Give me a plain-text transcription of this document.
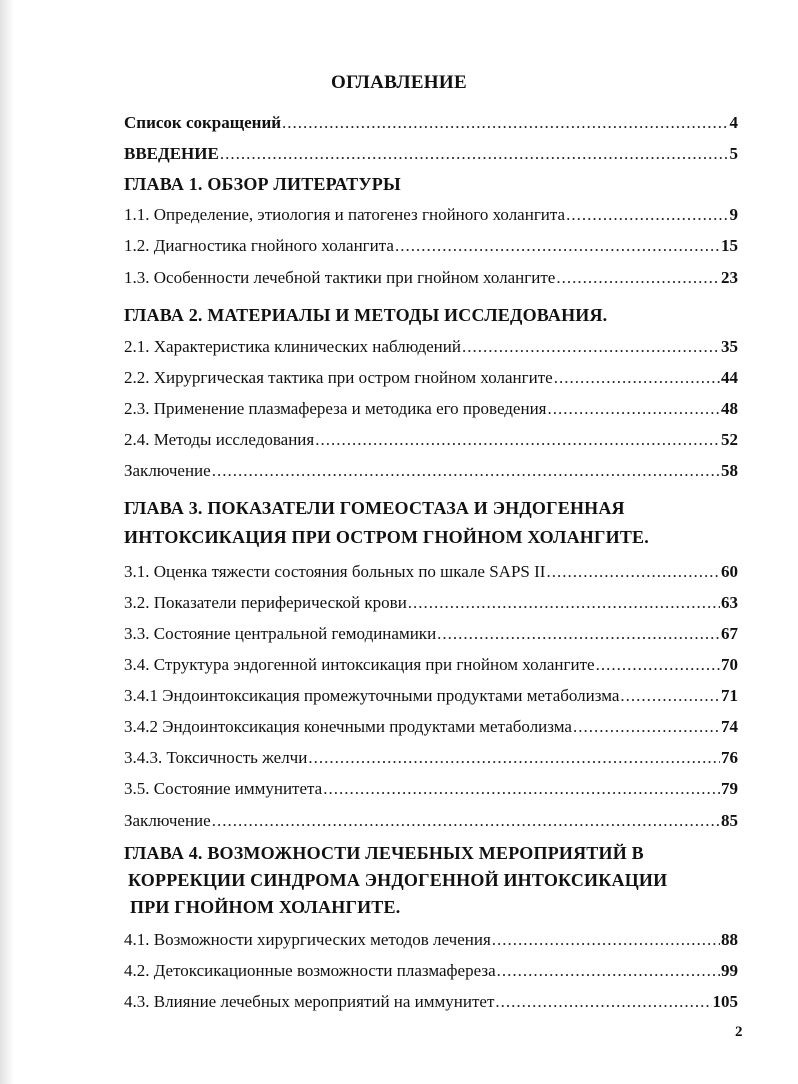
ОГЛАВЛЕНИЕ
Список сокращений .....	4
ВВЕДЕНИЕ .....	5
ГЛАВА 1. ОБЗОР ЛИТЕРАТУРЫ
1.1. Определение, этиология и патогенез гнойного холангита .....	9
1.2. Диагностика гнойного холангита .....	15
1.3. Особенности лечебной тактики при гнойном холангите .....	23
ГЛАВА 2. МАТЕРИАЛЫ И МЕТОДЫ ИССЛЕДОВАНИЯ.
2.1. Характеристика клинических наблюдений .....	35
2.2. Хирургическая тактика при остром гнойном холангите .....	44
2.3. Применение плазмафереза и методика его проведения .....	48
2.4. Методы исследования .....	52
Заключение .....	58
ГЛАВА 3. ПОКАЗАТЕЛИ ГОМЕОСТАЗА И ЭНДОГЕННАЯ
ИНТОКСИКАЦИЯ ПРИ ОСТРОМ ГНОЙНОМ ХОЛАНГИТЕ.
3.1. Оценка тяжести состояния больных по шкале SAPS II .....	60
3.2. Показатели периферической крови .....	63
3.3. Состояние центральной гемодинамики .....	67
3.4. Структура эндогенной интоксикация при гнойном холангите .....	70
3.4.1 Эндоинтоксикация промежуточными продуктами метаболизма .....	71
3.4.2 Эндоинтоксикация конечными продуктами метаболизма .....	74
3.4.3. Токсичность желчи .....	76
3.5. Состояние иммунитета .....	79
Заключение .....	85
ГЛАВА 4. ВОЗМОЖНОСТИ ЛЕЧЕБНЫХ МЕРОПРИЯТИЙ В
КОРРЕКЦИИ СИНДРОМА ЭНДОГЕННОЙ ИНТОКСИКАЦИИ
ПРИ ГНОЙНОМ ХОЛАНГИТЕ.
4.1. Возможности хирургических методов лечения .....	88
4.2. Детоксикационные возможности плазмафереза .....	99
4.3. Влияние лечебных мероприятий на иммунитет .....	105
2
